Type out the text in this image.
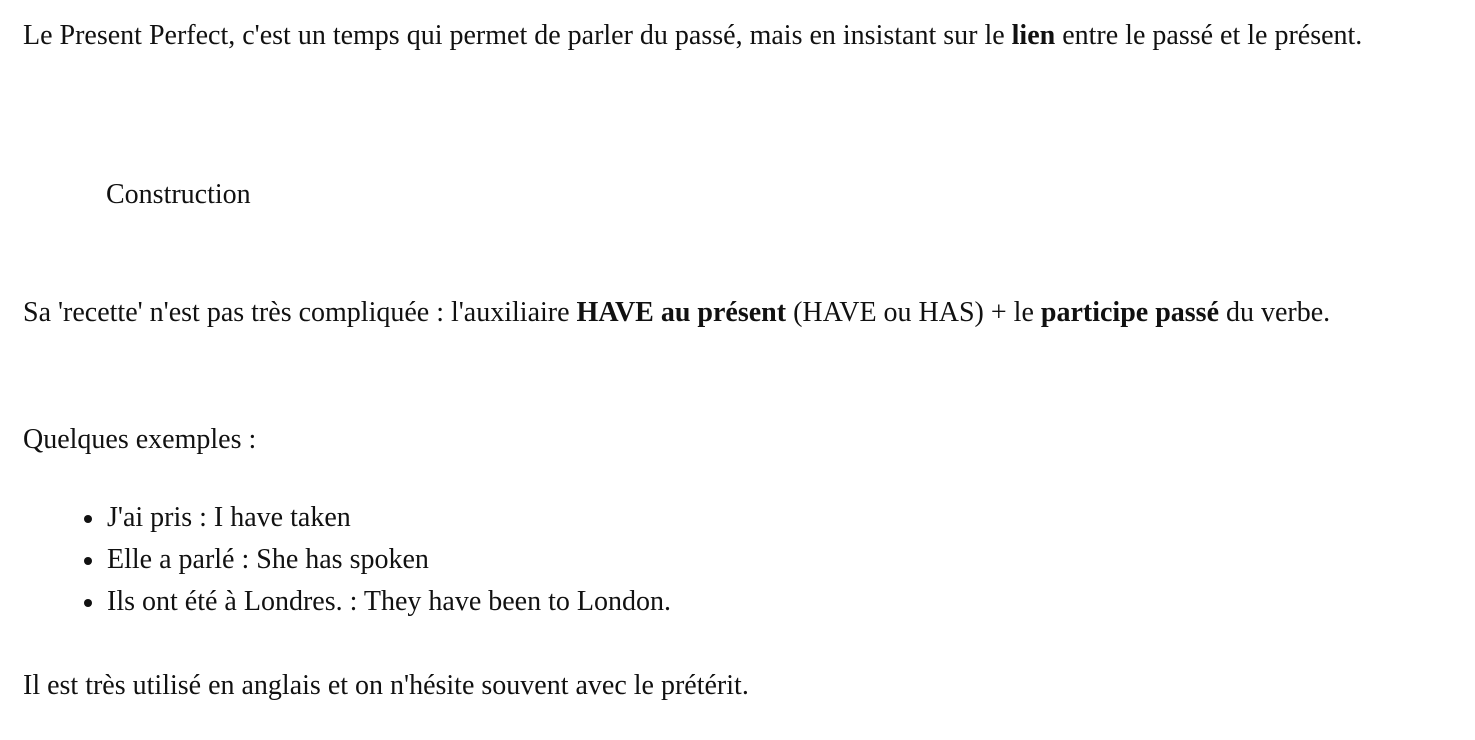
Le Present Perfect, c'est un temps qui permet de parler du passé, mais en insistant sur le lien entre le passé et le présent.

Construction

Sa 'recette' n'est pas très compliquée : l'auxiliaire HAVE au présent (HAVE ou HAS) + le participe passé du verbe.

Quelques exemples :

J'ai pris : I have taken
Elle a parlé : She has spoken
Ils ont été à Londres. : They have been to London.

Il est très utilisé en anglais et on n'hésite souvent avec le prétérit.
